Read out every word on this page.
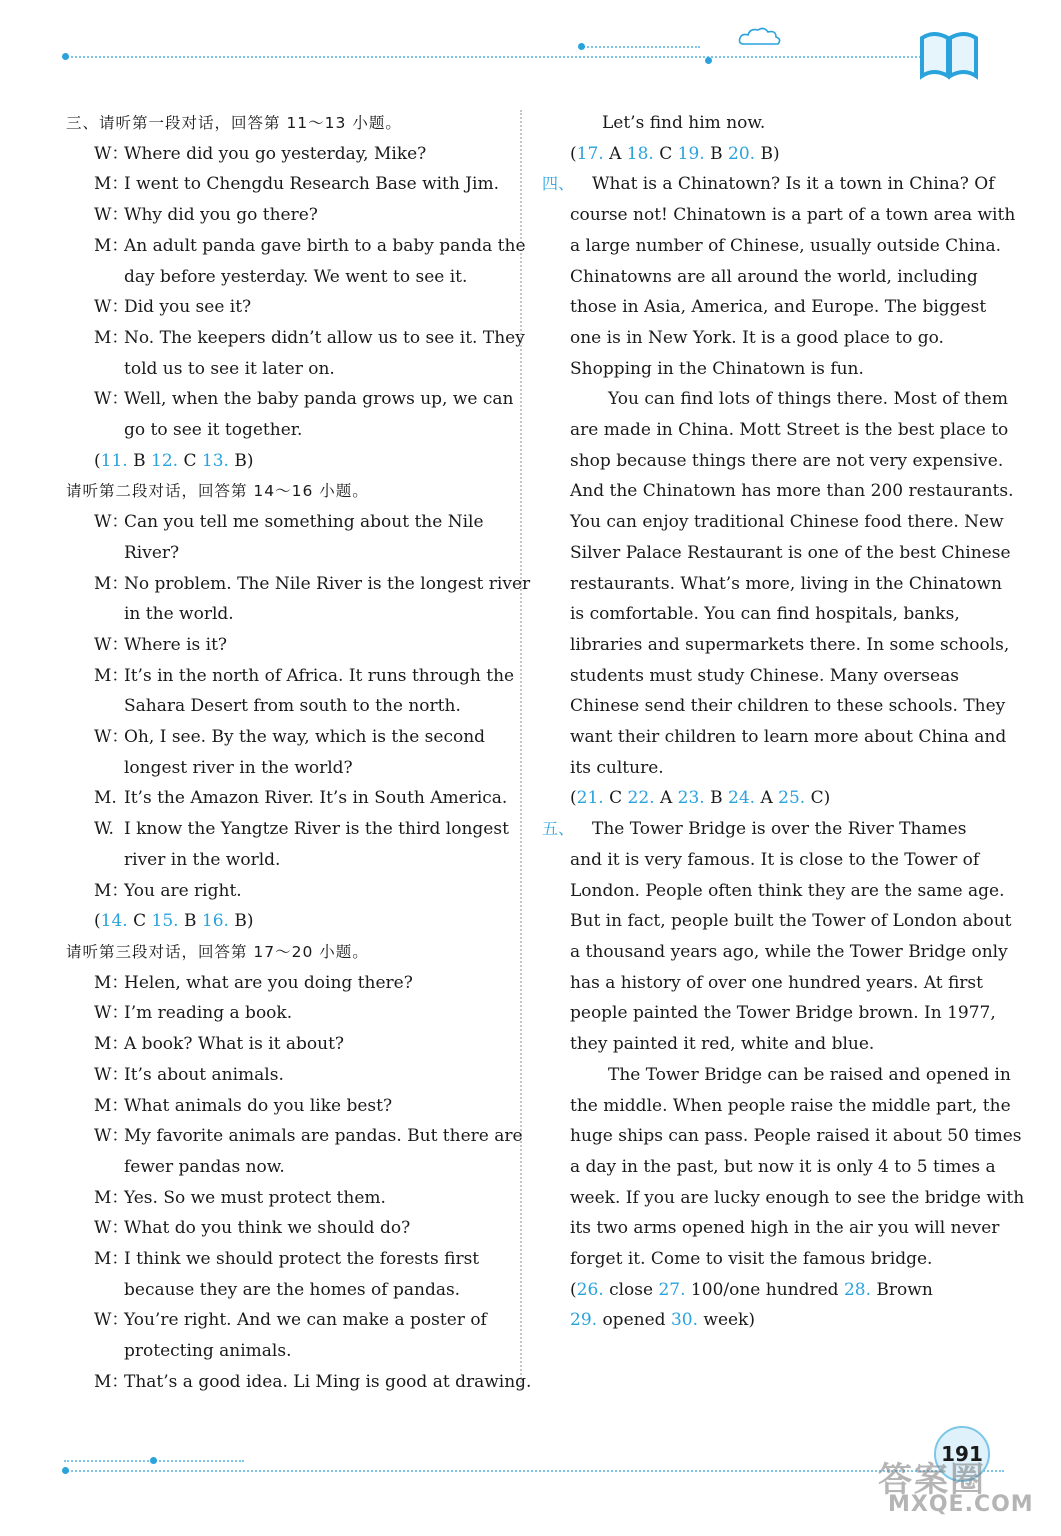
三、请听第一段对话，回答第 11～13 小题。
W：
Where did you go yesterday, Mike?
M：
I went to Chengdu Research Base with Jim.
W：
Why did you go there?
M：
An adult panda gave birth to a baby panda the
day before yesterday. We went to see it.
W：
Did you see it?
M：
No. The keepers didn’t allow us to see it. They
told us to see it later on.
W：
Well, when the baby panda grows up, we can
go to see it together.
(11. B 12. C 13. B)
请听第二段对话，回答第 14～16 小题。
W：
Can you tell me something about the Nile
River?
M：
No problem. The Nile River is the longest river
in the world.
W：
Where is it?
M：
It’s in the north of Africa. It runs through the
Sahara Desert from south to the north.
W：
Oh, I see. By the way, which is the second
longest river in the world?
M. It’s the Amazon River. It’s in South America.
W. I know the Yangtze River is the third longest
river in the world.
M：
You are right.
(14. C 15. B 16. B)
请听第三段对话，回答第 17～20 小题。
M：
Helen, what are you doing there?
W：
I’m reading a book.
M：
A book? What is it about?
W：
It’s about animals.
M：
What animals do you like best?
W：
My favorite animals are pandas. But there are
fewer pandas now.
M：
Yes. So we must protect them.
W：
What do you think we should do?
M：
I think we should protect the forests first
because they are the homes of pandas.
W：
You’re right. And we can make a poster of
protecting animals.
M：
That’s a good idea. Li Ming is good at drawing.
Let’s find him now.
(17. A 18. C 19. B 20. B)
四、 What is a Chinatown? Is it a town in China? Of
course not! Chinatown is a part of a town area with
a large number of Chinese, usually outside China.
Chinatowns are all around the world, including
those in Asia, America, and Europe. The biggest
one is in New York. It is a good place to go.
Shopping in the Chinatown is fun.
You can find lots of things there. Most of them
are made in China. Mott Street is the best place to
shop because things there are not very expensive.
And the Chinatown has more than 200 restaurants.
You can enjoy traditional Chinese food there. New
Silver Palace Restaurant is one of the best Chinese
restaurants. What’s more, living in the Chinatown
is comfortable. You can find hospitals, banks,
libraries and supermarkets there. In some schools,
students must study Chinese. Many overseas
Chinese send their children to these schools. They
want their children to learn more about China and
its culture.
(21. C 22. A 23. B 24. A 25. C)
五、 The Tower Bridge is over the River Thames
and it is very famous. It is close to the Tower of
London. People often think they are the same age.
But in fact, people built the Tower of London about
a thousand years ago, while the Tower Bridge only
has a history of over one hundred years. At first
people painted the Tower Bridge brown. In 1977,
they painted it red, white and blue.
The Tower Bridge can be raised and opened in
the middle. When people raise the middle part, the
huge ships can pass. People raised it about 50 times
a day in the past, but now it is only 4 to 5 times a
week. If you are lucky enough to see the bridge with
its two arms opened high in the air you will never
forget it. Come to visit the famous bridge.
(26. close 27. 100/one hundred 28. Brown
29. opened 30. week)
191
答案圈
MXQE.COM
